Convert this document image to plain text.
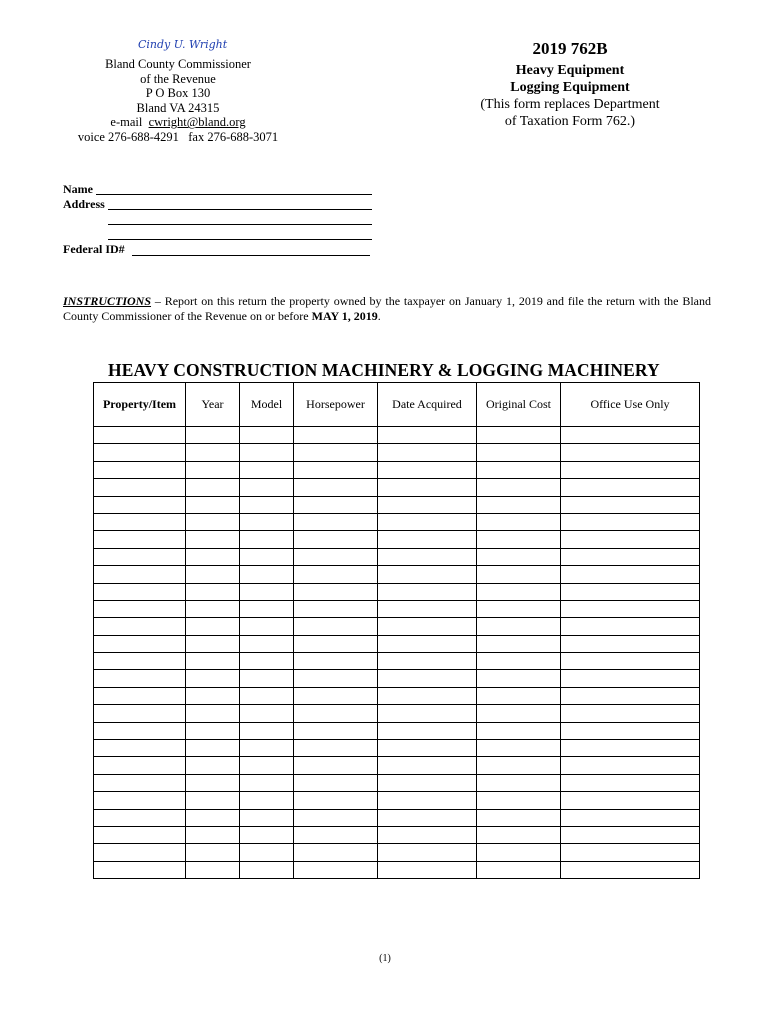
Cindy U. Wright
Bland County Commissioner
of the Revenue
P O Box 130
Bland VA 24315
e-mail  cwright@bland.org
voice 276-688-4291   fax 276-688-3071
2019 762B
Heavy Equipment
Logging Equipment
(This form replaces Department
of Taxation Form 762.)
Name
Address
Federal ID#
INSTRUCTIONS – Report on this return the property owned by the taxpayer on January 1, 2019 and file the return with the Bland County Commissioner of the Revenue on or before MAY 1, 2019.
HEAVY CONSTRUCTION MACHINERY & LOGGING MACHINERY
Property/Item	Year	Model	Horsepower	Date Acquired	Original Cost	Office Use Only

(1)
